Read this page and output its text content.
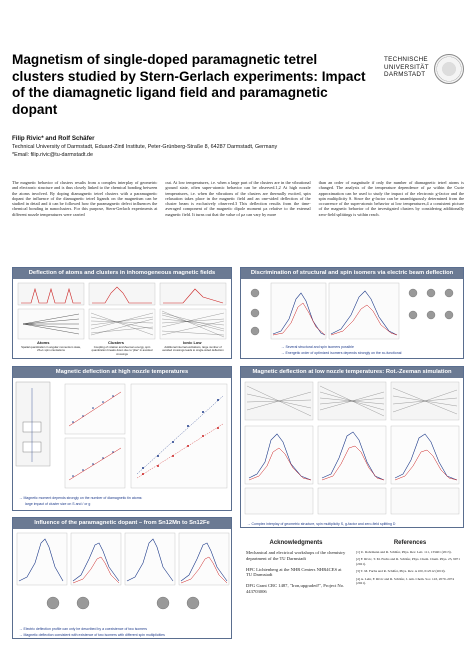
Magnetism of single-doped paramagnetic tetrel clusters studied by Stern-Gerlach experiments: Impact of the diamagnetic ligand field and paramagnetic dopant
TECHNISCHE UNIVERSITÄT DARMSTADT
Filip Rivic* and Rolf Schäfer
Technical University of Darmstadt, Eduard-Zintl Institute, Peter-Grünberg-Straße 8, 64287 Darmstadt, Germany
*Email: filip.rivic@tu-darmstadt.de

The magnetic behavior of clusters results from a complex interplay of geometric and electronic structure and is thus closely linked to the chemical bonding between the atoms involved. By doping diamagnetic tetrel clusters with a paramagnetic dopant the influence of the diamagnetic tetrel ligands on the magnetism can be studied in detail and it can be followed how the paramagnetic defect influences the chemical bonding in nanoclusters. For this purpose, Stern-Gerlach experiments at different nozzle temperatures were carried

out. At low temperatures, i.e. when a large part of the clusters are in the vibrational ground state, often super-atomic behavior can be observed.1,2 At high nozzle temperatures, i.e. when the vibrations of the clusters are thermally excited, spin relaxation takes place in the magnetic field and an one-sided deflection of the cluster beam is exclusively observed.3 This deflection results from the time-averaged component of the magnetic dipole moment μz relative to the external magnetic field. It turns out that the value of μz can vary by more

than an order of magnitude if only the number of diamagnetic tetrel atoms is changed. The analysis of the temperature dependence of μz within the Curie approximation can be used to study the impact of the electronic g-factor and the spin multiplicity S. Since the g-factor can be unambiguously determined from the occurrence of the super-atomic behavior at low temperatures,4 a consistent picture of the magnetic behavior of the investigated clusters by considering additionally zero-field splittings is within reach.

Deflection of atoms and clusters in inhomogeneous magnetic fields
Atoms	Clusters	Ionic Low
Spatial quantization in angular momentum state, 2S+1 spin orientations
Coupling of rotation and Zeeman energy, spin quantization breaks down due to 'jitter' in avoided crossings
Additional internal excitations, large number of avoided crossings leads to single-sided deflection
Discrimination of structural and spin isomers via electric beam deflection
→ Several structural and spin isomers possible
→ Energetic order of optimized isomers depends strongly on the xc-functional
Magnetic deflection at high nozzle temperatures
→ Magnetic moment depends strongly on the number of diamagnetic tin atoms:
large impact of cluster size on S and / or g
Magnetic deflection at low nozzle temperatures: Rot.-Zeeman simulation
→ Complex interplay of geometric structure, spin multiplicity S, g-factor and zero-field splitting D
Influence of the paramagnetic dopant – from Sn12Mn to Sn12Fe
→ Electric deflection profile can only be described by a coexistence of two isomers
→ Magnetic deflection consistent with existence of two isomers with different spin multiplicities
Acknowledgments

Mechanical and electrical workshops of the chemistry department of the TU Darmstadt

HPC Lichtenberg at the NHR Centers NHR4CES at TU Darmstadt

DFG Grant CRC 1487, "Iron,upgraded!", Project No. 443703006

References

[1] U. Rohrmann and R. Schäfer, Phys. Rev. Lett. 111, 133401 (2013).

[2] F. Rivic, T. M. Fuchs and R. Schäfer, Phys. Chem. Chem. Phys. 23, 9971 (2021).

[3] T. M. Fuchs and R. Schäfer, Phys. Rev. A 100, 012512 (2019).

[4] A. Lehr, F. Rivic and R. Schäfer, J. Am. Chem. Soc. 143, 2070–2074 (2021).
